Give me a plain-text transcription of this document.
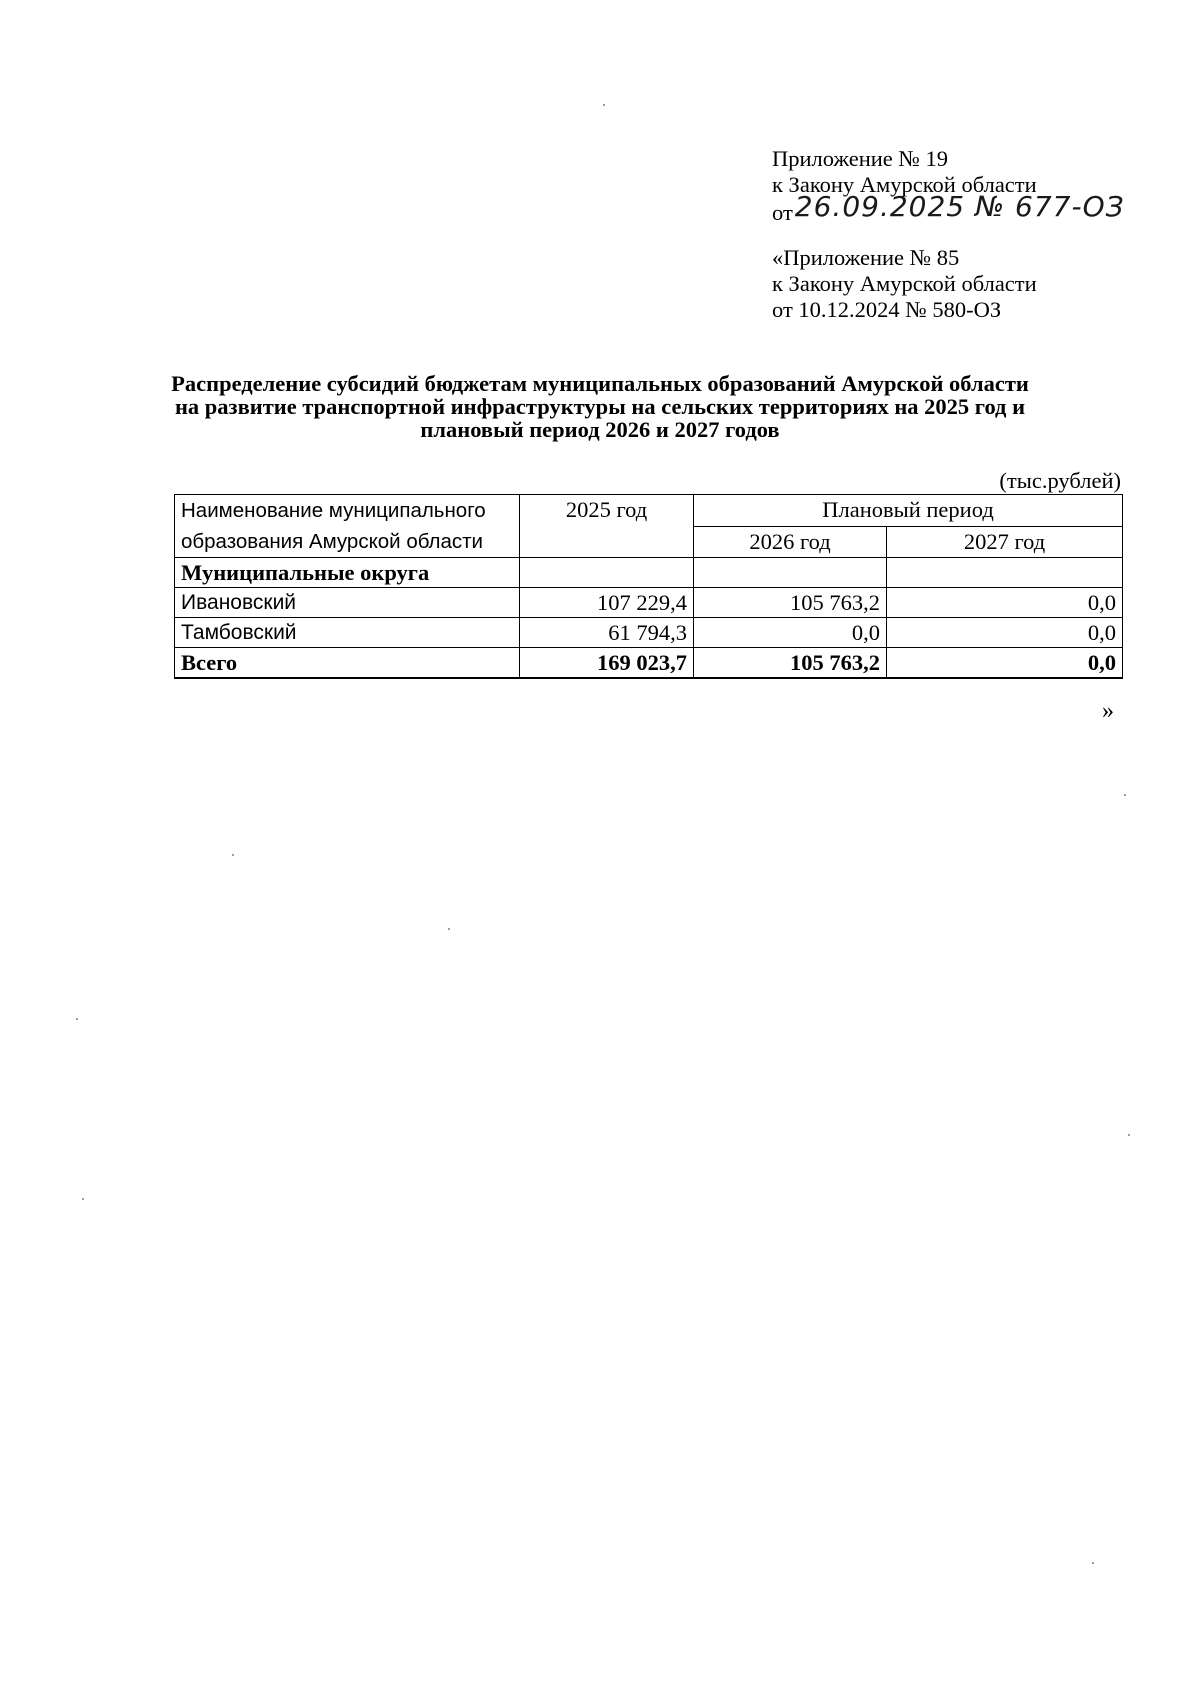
Приложение № 19
к Закону Амурской области
от26.09.2025 № 677-ОЗ
«Приложение № 85
к Закону Амурской области
от 10.12.2024 № 580-ОЗ
Распределение субсидий бюджетам муниципальных образований Амурской области
на развитие транспортной инфраструктуры на сельских территориях на 2025 год и
плановый период 2026 и 2027 годов
(тыс.рублей)
Наименование муниципального образования Амурской области	2025 год	Плановый период	
		2026 год	2027 год
Муниципальные округа			
Ивановский	107 229,4	105 763,2	0,0
Тамбовский	61 794,3	0,0	0,0
Всего	169 023,7	105 763,2	0,0
»
